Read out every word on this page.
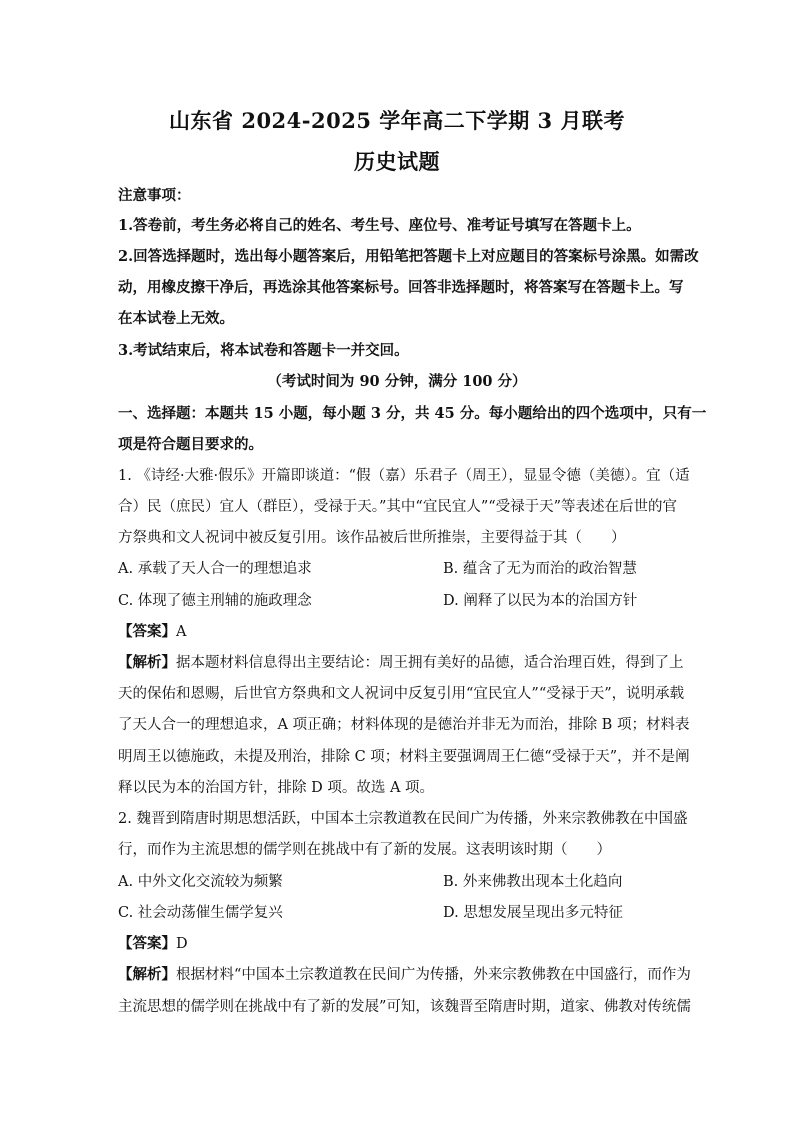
山东省 2024-2025 学年高二下学期 3 月联考
历史试题
注意事项：
1.答卷前，考生务必将自己的姓名、考生号、座位号、准考证号填写在答题卡上。
2.回答选择题时，选出每小题答案后，用铅笔把答题卡上对应题目的答案标号涂黑。如需改
动，用橡皮擦干净后，再选涂其他答案标号。回答非选择题时，将答案写在答题卡上。写
在本试卷上无效。
3.考试结束后，将本试卷和答题卡一并交回。
（考试时间为 90 分钟，满分 100 分）
一、选择题：本题共 15 小题，每小题 3 分，共 45 分。每小题给出的四个选项中，只有一
项是符合题目要求的。
1. 《诗经·大雅·假乐》开篇即谈道：“假（嘉）乐君子（周王），显显令德（美德）。宜（适
合）民（庶民）宜人（群臣），受禄于天。”其中“宜民宜人”“受禄于天”等表述在后世的官
方祭典和文人祝词中被反复引用。该作品被后世所推崇，主要得益于其（　　）
A. 承载了天人合一的理想追求	B. 蕴含了无为而治的政治智慧
C. 体现了德主刑辅的施政理念	D. 阐释了以民为本的治国方针
【答案】A
【解析】据本题材料信息得出主要结论：周王拥有美好的品德，适合治理百姓，得到了上
天的保佑和恩赐，后世官方祭典和文人祝词中反复引用“宜民宜人”“受禄于天”，说明承载
了天人合一的理想追求，A 项正确；材料体现的是德治并非无为而治，排除 B 项；材料表
明周王以德施政，未提及刑治，排除 C 项；材料主要强调周王仁德“受禄于天”，并不是阐
释以民为本的治国方针，排除 D 项。故选 A 项。
2. 魏晋到隋唐时期思想活跃，中国本土宗教道教在民间广为传播，外来宗教佛教在中国盛
行，而作为主流思想的儒学则在挑战中有了新的发展。这表明该时期（　　）
A. 中外文化交流较为频繁	B. 外来佛教出现本土化趋向
C. 社会动荡催生儒学复兴	D. 思想发展呈现出多元特征
【答案】D
【解析】根据材料“中国本土宗教道教在民间广为传播，外来宗教佛教在中国盛行，而作为
主流思想的儒学则在挑战中有了新的发展”可知，该魏晋至隋唐时期，道家、佛教对传统儒
